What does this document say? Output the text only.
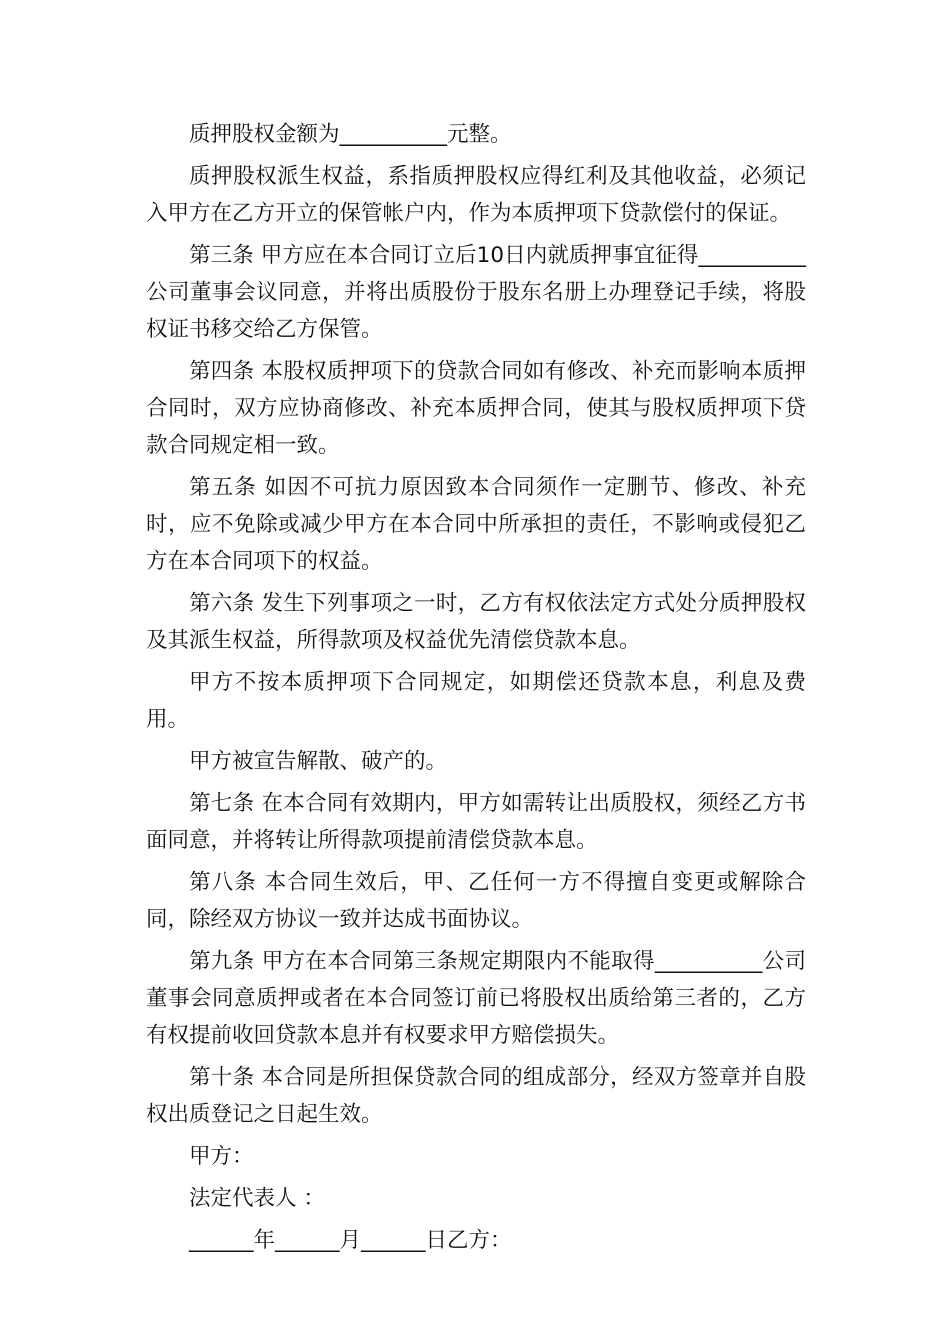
质押股权金额为__________元整。

质押股权派生权益，系指质押股权应得红利及其他收益，必须记入甲方在乙方开立的保管帐户内，作为本质押项下贷款偿付的保证。

第三条 甲方应在本合同订立后10日内就质押事宜征得__________公司董事会议同意，并将出质股份于股东名册上办理登记手续，将股权证书移交给乙方保管。

第四条 本股权质押项下的贷款合同如有修改、补充而影响本质押合同时，双方应协商修改、补充本质押合同，使其与股权质押项下贷款合同规定相一致。

第五条 如因不可抗力原因致本合同须作一定删节、修改、补充时，应不免除或减少甲方在本合同中所承担的责任，不影响或侵犯乙方在本合同项下的权益。

第六条 发生下列事项之一时，乙方有权依法定方式处分质押股权及其派生权益，所得款项及权益优先清偿贷款本息。

甲方不按本质押项下合同规定，如期偿还贷款本息，利息及费用。

甲方被宣告解散、破产的。

第七条 在本合同有效期内，甲方如需转让出质股权，须经乙方书面同意，并将转让所得款项提前清偿贷款本息。

第八条 本合同生效后，甲、乙任何一方不得擅自变更或解除合同，除经双方协议一致并达成书面协议。

第九条 甲方在本合同第三条规定期限内不能取得__________公司董事会同意质押或者在本合同签订前已将股权出质给第三者的，乙方有权提前收回贷款本息并有权要求甲方赔偿损失。

第十条 本合同是所担保贷款合同的组成部分，经双方签章并自股权出质登记之日起生效。

甲方：

法定代表人 ：

______年______月______日乙方：
